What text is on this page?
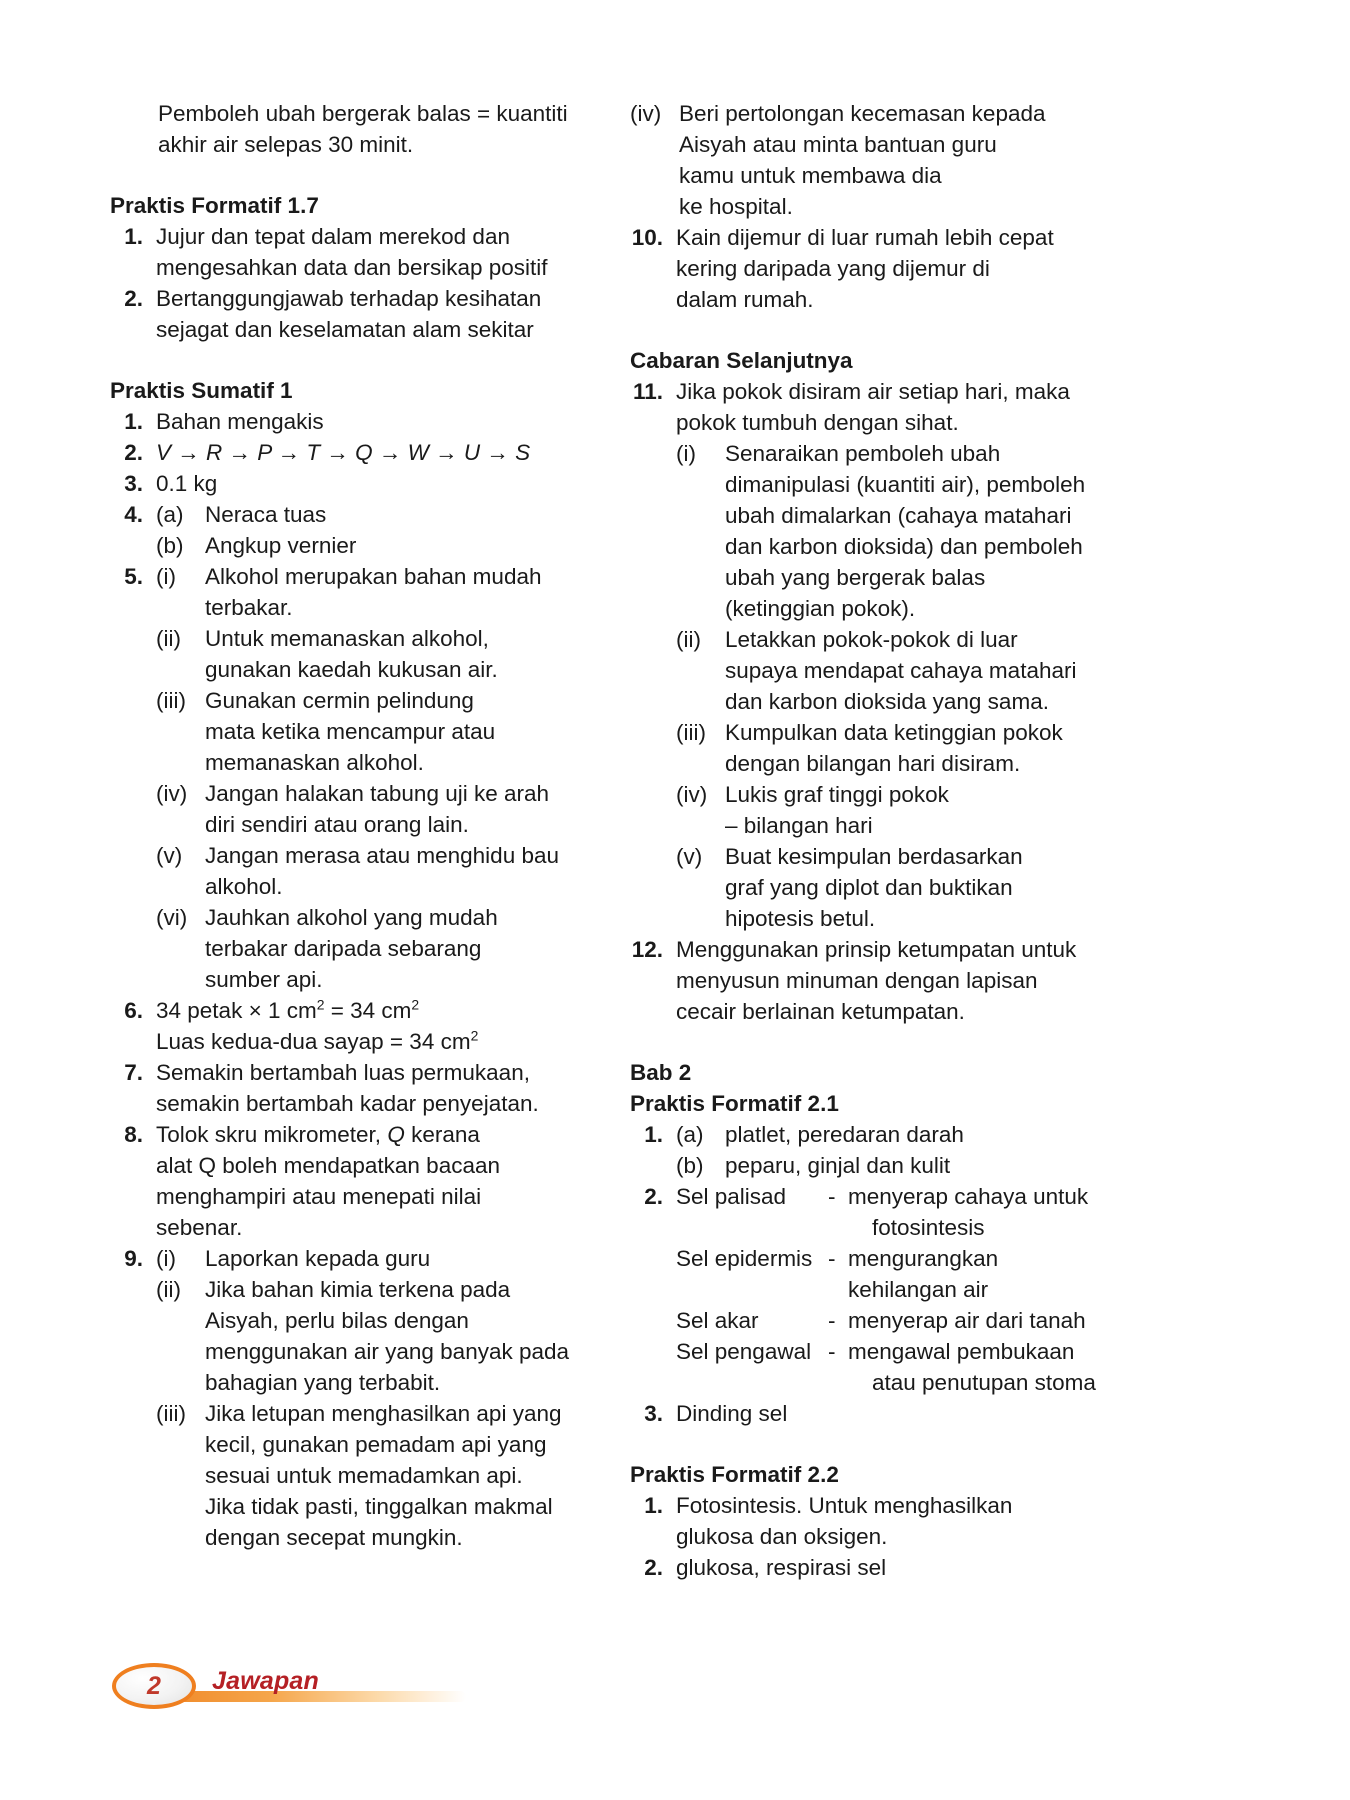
Pemboleh ubah bergerak balas = kuantiti
akhir air selepas 30 minit.
Praktis Formatif 1.7
1. Jujur dan tepat dalam merekod dan
mengesahkan data dan bersikap positif
2. Bertanggungjawab terhadap kesihatan
sejagat dan keselamatan alam sekitar
Praktis Sumatif 1
1. Bahan mengakis
2. V → R → P → T → Q → W → U → S
3. 0.1 kg
4. (a) Neraca tuas
(b) Angkup vernier
5. (i)	Alkohol merupakan bahan mudah
terbakar.
(ii)	Untuk memanaskan alkohol,
gunakan kaedah kukusan air.
(iii) Gunakan cermin pelindung
mata ketika mencampur atau
memanaskan alkohol.
(iv) Jangan halakan tabung uji ke arah
diri sendiri atau orang lain.
(v)	Jangan merasa atau menghidu bau
alkohol.
(vi) Jauhkan alkohol yang mudah
terbakar daripada sebarang
sumber api.
6. 34 petak × 1 $cm^2 = 34$ $cm^2$
Luas kedua-dua sayap = 34 $cm^2$
7. Semakin bertambah luas permukaan,
semakin bertambah kadar penyejatan.
8. Tolok skru mikrometer, Q kerana
alat Q boleh mendapatkan bacaan
menghampiri atau menepati nilai
sebenar.
9. (i)	Laporkan kepada guru
(ii)	Jika bahan kimia terkena pada
Aisyah, perlu bilas dengan
menggunakan air yang banyak pada
bahagian yang terbabit.
(iii) Jika letupan menghasilkan api yang
kecil, gunakan pemadam api yang
sesuai untuk memadamkan api.
Jika tidak pasti, tinggalkan makmal
dengan secepat mungkin.
(iv) Beri pertolongan kecemasan kepada
Aisyah atau minta bantuan guru
kamu untuk membawa dia
ke hospital.
10. Kain dijemur di luar rumah lebih cepat
kering daripada yang dijemur di
dalam rumah.
Cabaran Selanjutnya
11. Jika pokok disiram air setiap hari, maka
pokok tumbuh dengan sihat.
(i)	Senaraikan pemboleh ubah
dimanipulasi (kuantiti air), pemboleh
ubah dimalarkan (cahaya matahari
dan karbon dioksida) dan pemboleh
ubah yang bergerak balas
(ketinggian pokok).
(ii)	Letakkan pokok-pokok di luar
supaya mendapat cahaya matahari
dan karbon dioksida yang sama.
(iii) Kumpulkan data ketinggian pokok
dengan bilangan hari disiram.
(iv) Lukis graf tinggi pokok
– bilangan hari
(v)	Buat kesimpulan berdasarkan
graf yang diplot dan buktikan
hipotesis betul.
12. Menggunakan prinsip ketumpatan untuk
menyusun minuman dengan lapisan
cecair berlainan ketumpatan.
Bab 2
Praktis Formatif 2.1
1. (a) platlet, peredaran darah
(b) peparu, ginjal dan kulit
2. Sel palisad	- menyerap cahaya untuk
fotosintesis
Sel epidermis - mengurangkan
kehilangan air
Sel akar	- menyerap air dari tanah
Sel pengawal - mengawal pembukaan
atau penutupan stoma
3. Dinding sel
Praktis Formatif 2.2
1. Fotosintesis. Untuk menghasilkan
glukosa dan oksigen.
2. glukosa, respirasi sel
2	Jawapan
